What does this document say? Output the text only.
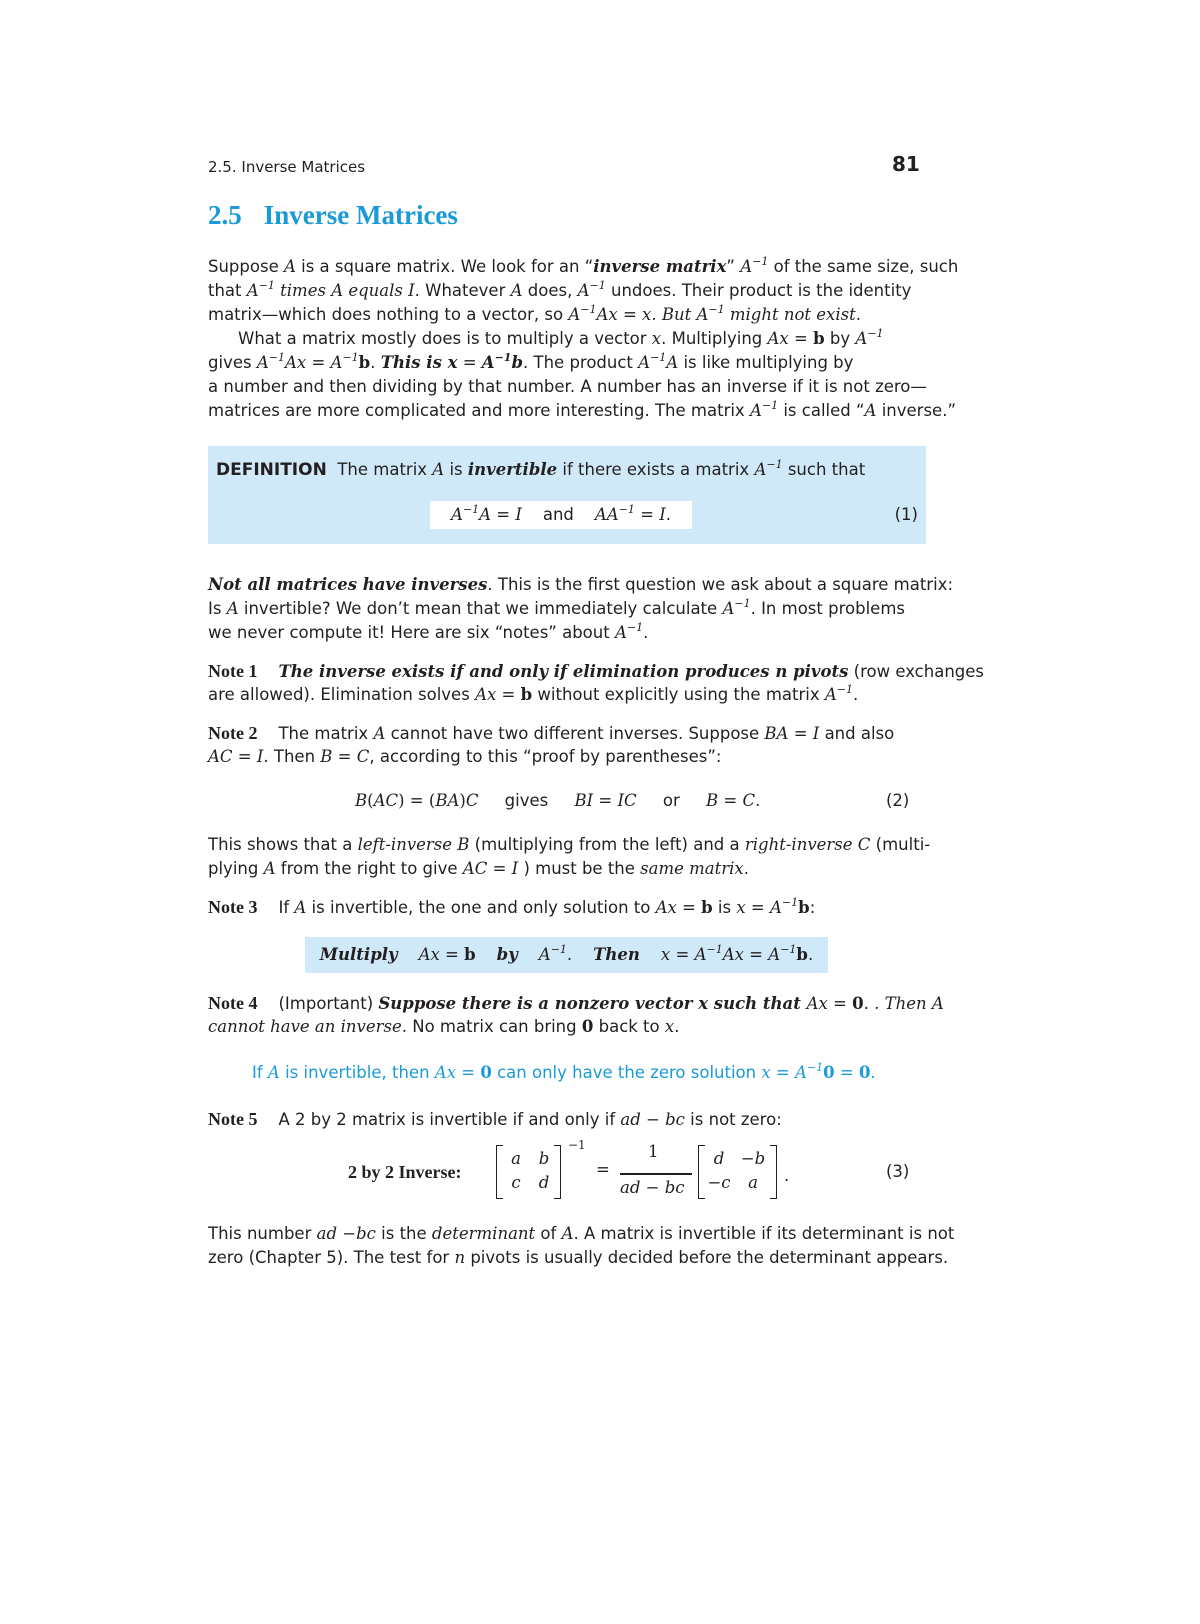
2.5. Inverse Matrices	81
2.5 Inverse Matrices
Suppose A is a square matrix. We look for an “inverse matrix” $A^{-1}$ of the same size, such
that $A^{-1}$ times A equals I. Whatever A does, $A^{-1}$ undoes. Their product is the identity
matrix—which does nothing to a vector, so $A^{-1}Ax = x$. But $A^{-1}$ might not exist.
What a matrix mostly does is to multiply a vector x. Multiplying Ax = b by $A^{-1}$
gives $A^{-1}Ax = A^{-1}b$. This is $x = A^{-1}b$. The product $A^{-1}A$ is like multiplying by
a number and then dividing by that number. A number has an inverse if it is not zero—
matrices are more complicated and more interesting. The matrix $A^{-1}$ is called “A inverse.”
DEFINITION The matrix A is invertible if there exists a matrix $A^{-1}$ such that
$A^{-1}A = I$ and $AA^{-1} = I$.	(1)
Not all matrices have inverses. This is the first question we ask about a square matrix:
Is A invertible? We don’t mean that we immediately calculate $A^{-1}$. In most problems
we never compute it! Here are six “notes” about $A^{-1}$.
Note 1 The inverse exists if and only if elimination produces n pivots (row exchanges
are allowed). Elimination solves Ax = b without explicitly using the matrix $A^{-1}$.
Note 2 The matrix A cannot have two different inverses. Suppose BA = I and also
AC = I. Then B = C, according to this “proof by parentheses”:
B(AC) = (BA)C gives BI = IC or B = C.	(2)
This shows that a left-inverse B (multiplying from the left) and a right-inverse C (multi-
plying A from the right to give AC = I ) must be the same matrix.
Note 3 If A is invertible, the one and only solution to Ax = b is $x = A^{-1}b$:
Multiply Ax = b by $A^{-1}$.    Then $x = A^{-1}Ax = A^{-1}b$.
Note 4 (Important) Suppose there is a nonzero vector x such that Ax = 0. . Then A
cannot have an inverse. No matrix can bring 0 back to x.
If A is invertible, then Ax = 0 can only have the zero solution $x = A^{-1}0 = 0$.
Note 5 A 2 by 2 matrix is invertible if and only if ad − bc is not zero:
2 by 2 Inverse:
a	b
c	d
−1
=
1
ad − bc
d	−b
−c	a	.	(3)
This number ad −bc is the determinant of A. A matrix is invertible if its determinant is not
zero (Chapter 5). The test for n pivots is usually decided before the determinant appears.
